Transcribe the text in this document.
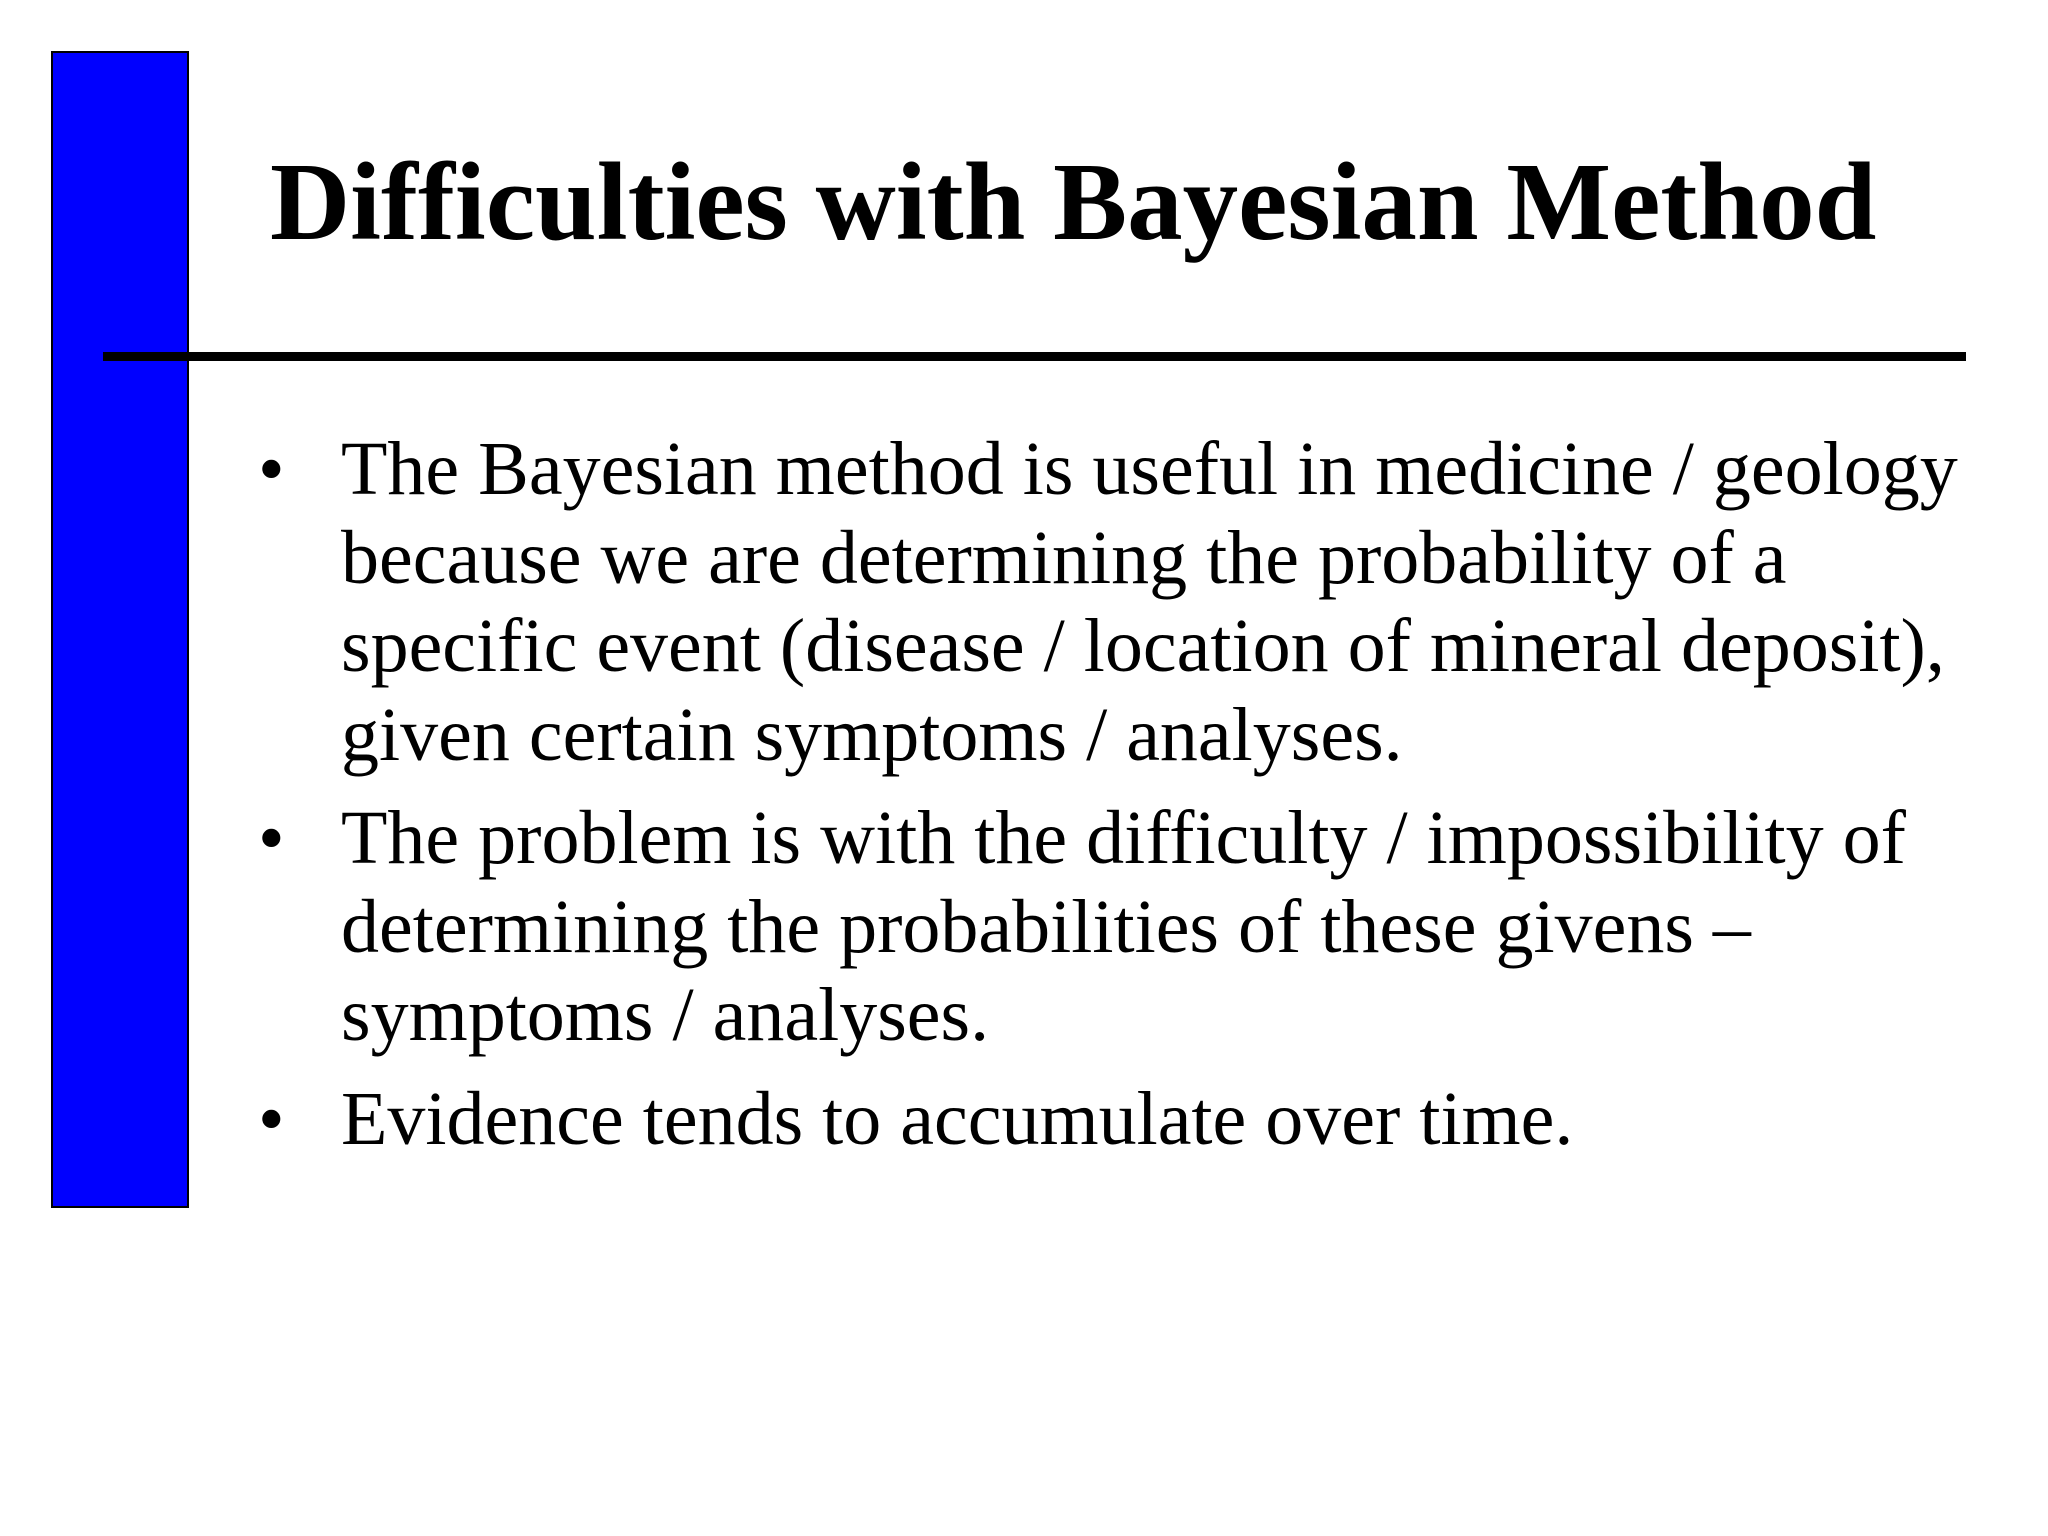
Difficulties with Bayesian Method
• The Bayesian method is useful in medicine / geology because we are determining the probability of a specific event (disease / location of mineral deposit), given certain symptoms / analyses.
• The problem is with the difficulty / impossibility of determining the probabilities of these givens – symptoms / analyses.
• Evidence tends to accumulate over time.
